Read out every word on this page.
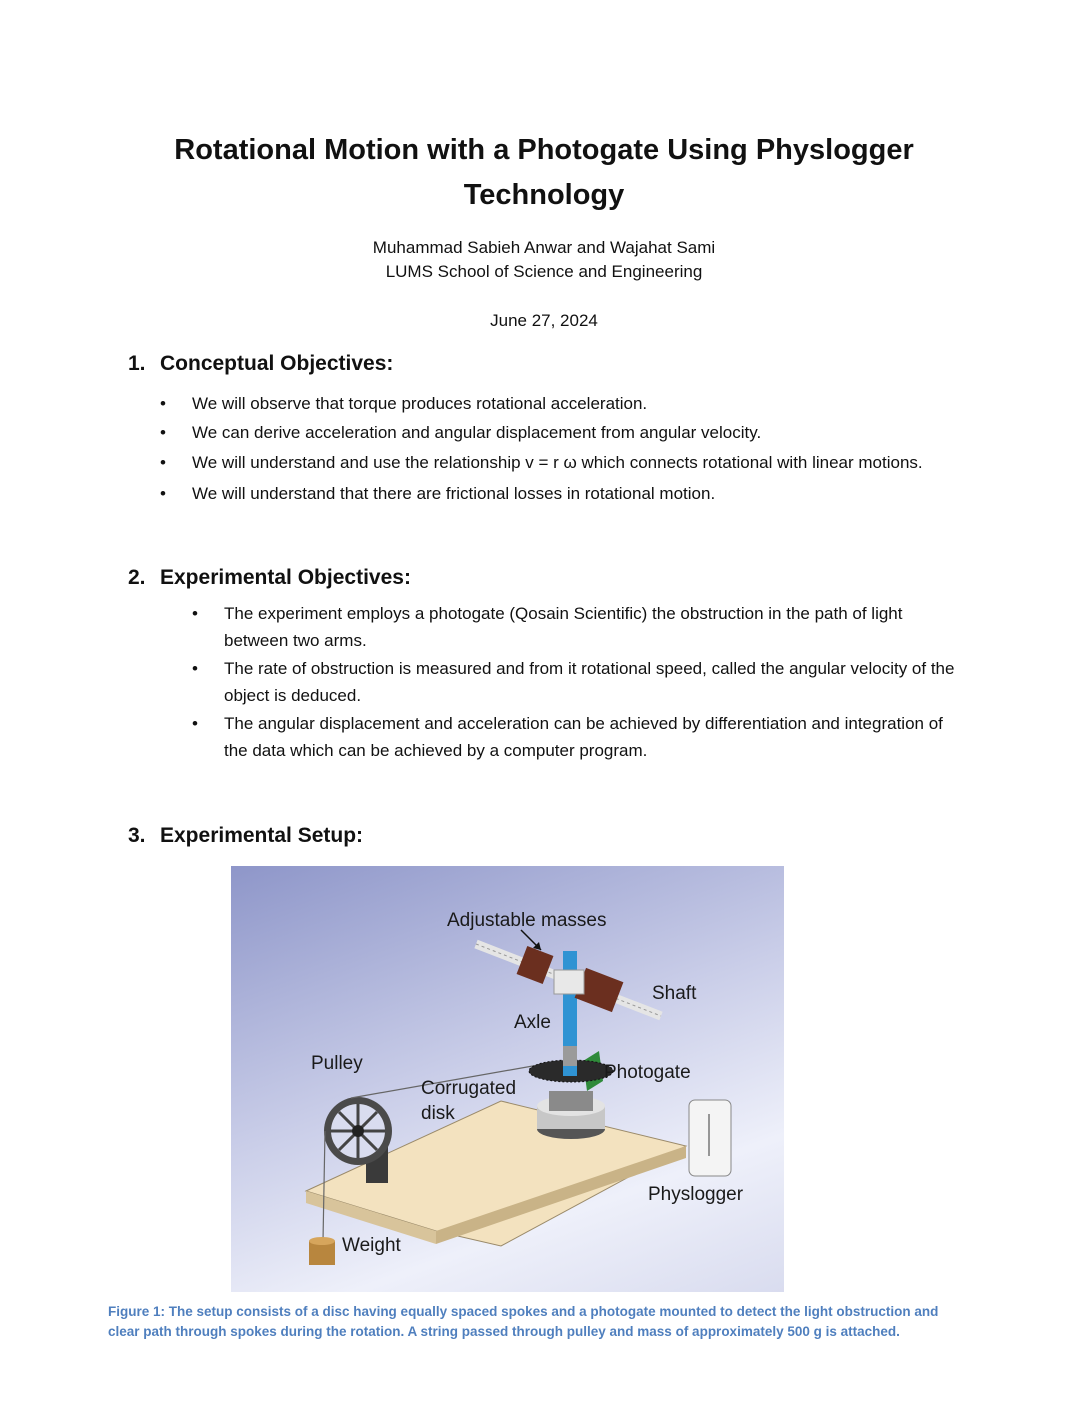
Rotational Motion with a Photogate Using Physlogger Technology
Muhammad Sabieh Anwar and Wajahat Sami
LUMS School of Science and Engineering
June 27, 2024
1. Conceptual Objectives:
• We will observe that torque produces rotational acceleration.
• We can derive acceleration and angular displacement from angular velocity.
• We will understand and use the relationship v = r ω which connects rotational with linear motions.
• We will understand that there are frictional losses in rotational motion.
2. Experimental Objectives:
• The experiment employs a photogate (Qosain Scientific) the obstruction in the path of light between two arms.
• The rate of obstruction is measured and from it rotational speed, called the angular velocity of the object is deduced.
• The angular displacement and acceleration can be achieved by differentiation and integration of the data which can be achieved by a computer program.
3. Experimental Setup:
Adjustable masses
Shaft
Axle
Pulley	Photogate
Corrugated
disk
Physlogger
Weight
Figure 1: The setup consists of a disc having equally spaced spokes and a photogate mounted to detect the light obstruction and clear path through spokes during the rotation. A string passed through pulley and mass of approximately 500 g is attached.
